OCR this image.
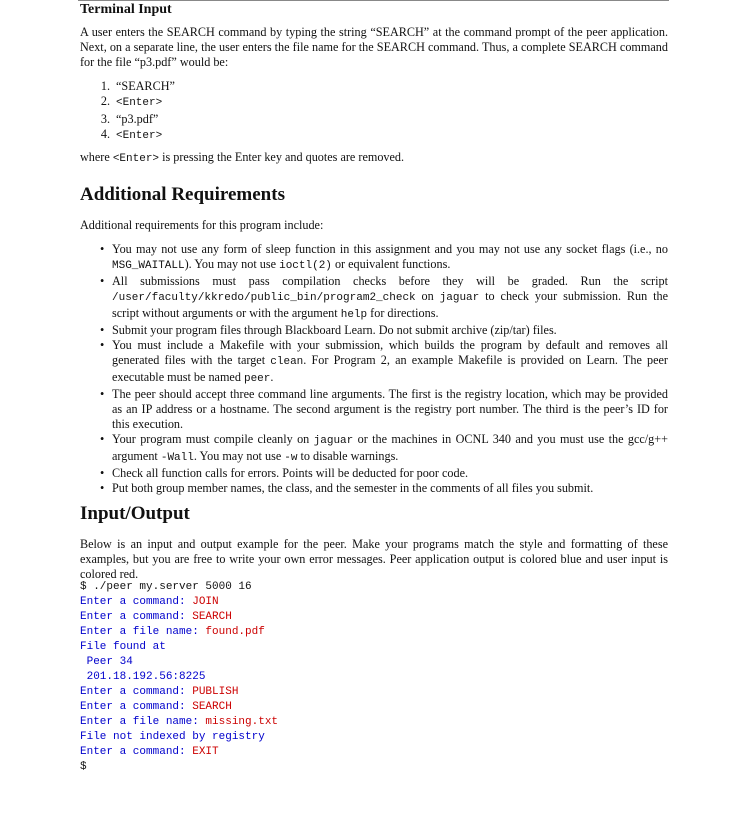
Terminal Input
A user enters the SEARCH command by typing the string “SEARCH” at the command prompt of the peer application. Next, on a separate line, the user enters the file name for the SEARCH command. Thus, a complete SEARCH command for the file “p3.pdf” would be:
1. “SEARCH”
2. <Enter>
3. “p3.pdf”
4. <Enter>
where <Enter> is pressing the Enter key and quotes are removed.
Additional Requirements
Additional requirements for this program include:
• You may not use any form of sleep function in this assignment and you may not use any socket flags (i.e., no MSG_WAITALL). You may not use ioctl(2) or equivalent functions.
• All submissions must pass compilation checks before they will be graded. Run the script /user/faculty/kkredo/public_bin/program2_check on jaguar to check your submission. Run the script without arguments or with the argument help for directions.
• Submit your program files through Blackboard Learn. Do not submit archive (zip/tar) files.
• You must include a Makefile with your submission, which builds the program by default and removes all generated files with the target clean. For Program 2, an example Makefile is provided on Learn. The peer executable must be named peer.
• The peer should accept three command line arguments. The first is the registry location, which may be provided as an IP address or a hostname. The second argument is the registry port number. The third is the peer’s ID for this execution.
• Your program must compile cleanly on jaguar or the machines in OCNL 340 and you must use the gcc/g++ argument -Wall. You may not use -w to disable warnings.
• Check all function calls for errors. Points will be deducted for poor code.
• Put both group member names, the class, and the semester in the comments of all files you submit.
Input/Output
Below is an input and output example for the peer. Make your programs match the style and formatting of these examples, but you are free to write your own error messages. Peer application output is colored blue and user input is colored red.
$ ./peer my.server 5000 16
Enter a command: JOIN
Enter a command: SEARCH
Enter a file name: found.pdf
File found at
Peer 34
201.18.192.56:8225
Enter a command: PUBLISH
Enter a command: SEARCH
Enter a file name: missing.txt
File not indexed by registry
Enter a command: EXIT
$
